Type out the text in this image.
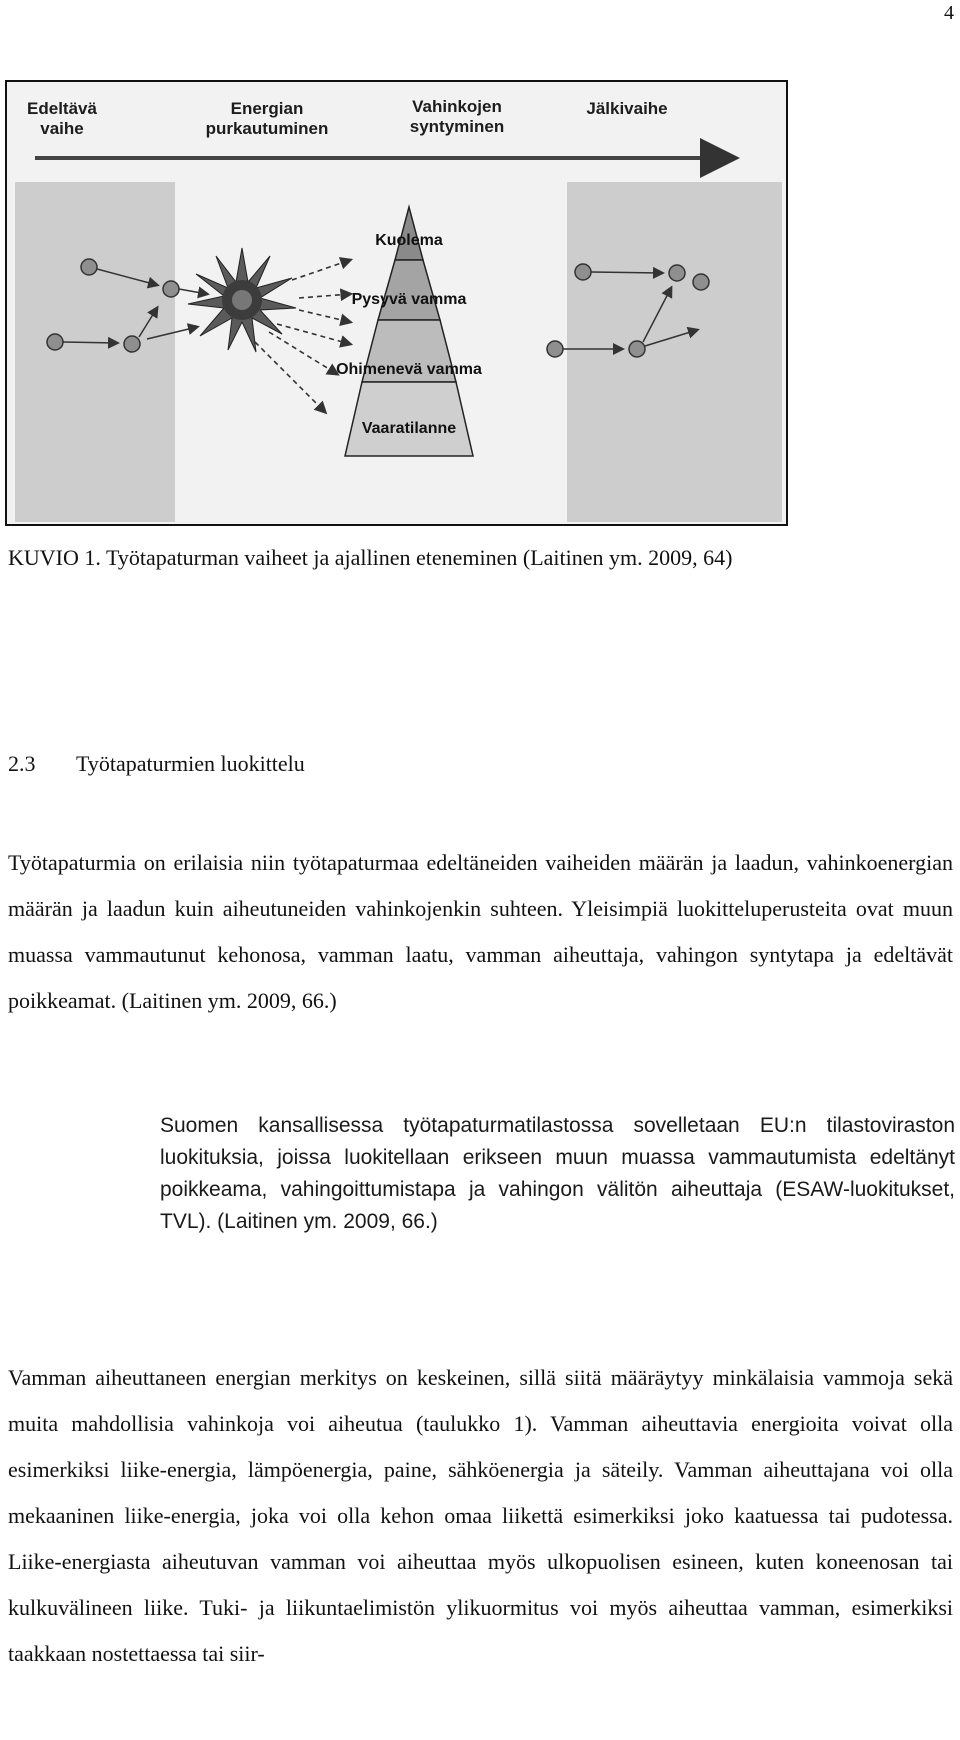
4
Edeltävä
vaihe
Energian
purkautuminen
Vahinkojen
syntyminen
Jälkivaihe
Kuolema
Pysyvä vamma
Ohimenevä vamma
Vaaratilanne
KUVIO 1. Työtapaturman vaiheet ja ajallinen eteneminen (Laitinen ym. 2009, 64)
2.3 Työtapaturmien luokittelu

Työtapaturmia on erilaisia niin työtapaturmaa edeltäneiden vaiheiden määrän ja laadun, vahinkoenergian määrän ja laadun kuin aiheutuneiden vahinkojenkin suhteen. Yleisimpiä luokitteluperusteita ovat muun muassa vammautunut kehonosa, vamman laatu, vamman aiheuttaja, vahingon syntytapa ja edeltävät poikkeamat. (Laitinen ym. 2009, 66.)

Suomen kansallisessa työtapaturmatilastossa sovelletaan EU:n tilastoviraston luokituksia, joissa luokitellaan erikseen muun muassa vammautumista edeltänyt poikkeama, vahingoittumistapa ja vahingon välitön aiheuttaja (ESAW-luokitukset, TVL). (Laitinen ym. 2009, 66.)

Vamman aiheuttaneen energian merkitys on keskeinen, sillä siitä määräytyy minkälaisia vammoja sekä muita mahdollisia vahinkoja voi aiheutua (taulukko 1). Vamman aiheuttavia energioita voivat olla esimerkiksi liike-energia, lämpöenergia, paine, sähköenergia ja säteily. Vamman aiheuttajana voi olla mekaaninen liike-energia, joka voi olla kehon omaa liikettä esimerkiksi joko kaatuessa tai pudotessa. Liike-energiasta aiheutuvan vamman voi aiheuttaa myös ulkopuolisen esineen, kuten koneenosan tai kulkuvälineen liike. Tuki- ja liikuntaelimistön ylikuormitus voi myös aiheuttaa vamman, esimerkiksi taakkaan nostettaessa tai siir-
